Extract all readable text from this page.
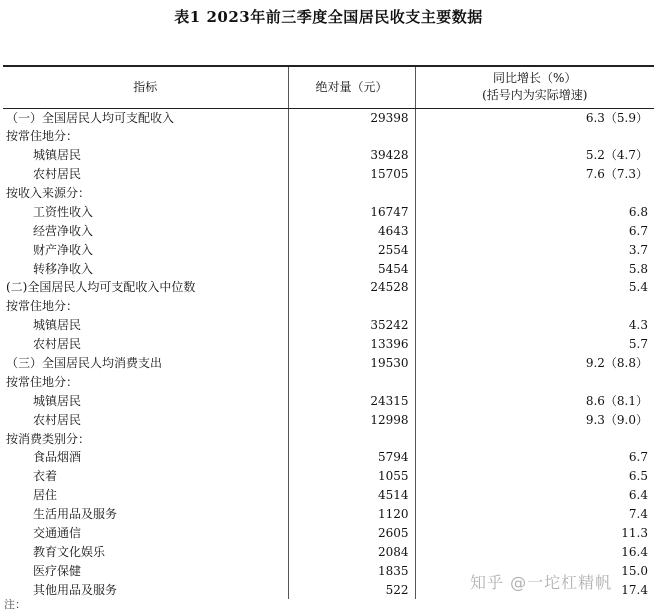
表1 2023年前三季度全国居民收支主要数据
指标	绝对量（元）	同比增长（%）
(括号内为实际增速)

（一）全国居民人均可支配收入	29398	6.3（5.9）
按常住地分：		
城镇居民	39428	5.2（4.7）
农村居民	15705	7.6（7.3）
按收入来源分：		
工资性收入	16747	6.8
经营净收入	4643	6.7
财产净收入	2554	3.7
转移净收入	5454	5.8
(二)全国居民人均可支配收入中位数	24528	5.4
按常住地分：		
城镇居民	35242	4.3
农村居民	13396	5.7
（三）全国居民人均消费支出	19530	9.2（8.8）
按常住地分：		
城镇居民	24315	8.6（8.1）
农村居民	12998	9.3（9.0）
按消费类别分：		
食品烟酒	5794	6.7
衣着	1055	6.5
居住	4514	6.4
生活用品及服务	1120	7.4
交通通信	2605	11.3
教育文化娱乐	2084	16.4
医疗保健	1835	15.0
其他用品及服务	522	17.4
注：
知乎 @一坨杠精帆
